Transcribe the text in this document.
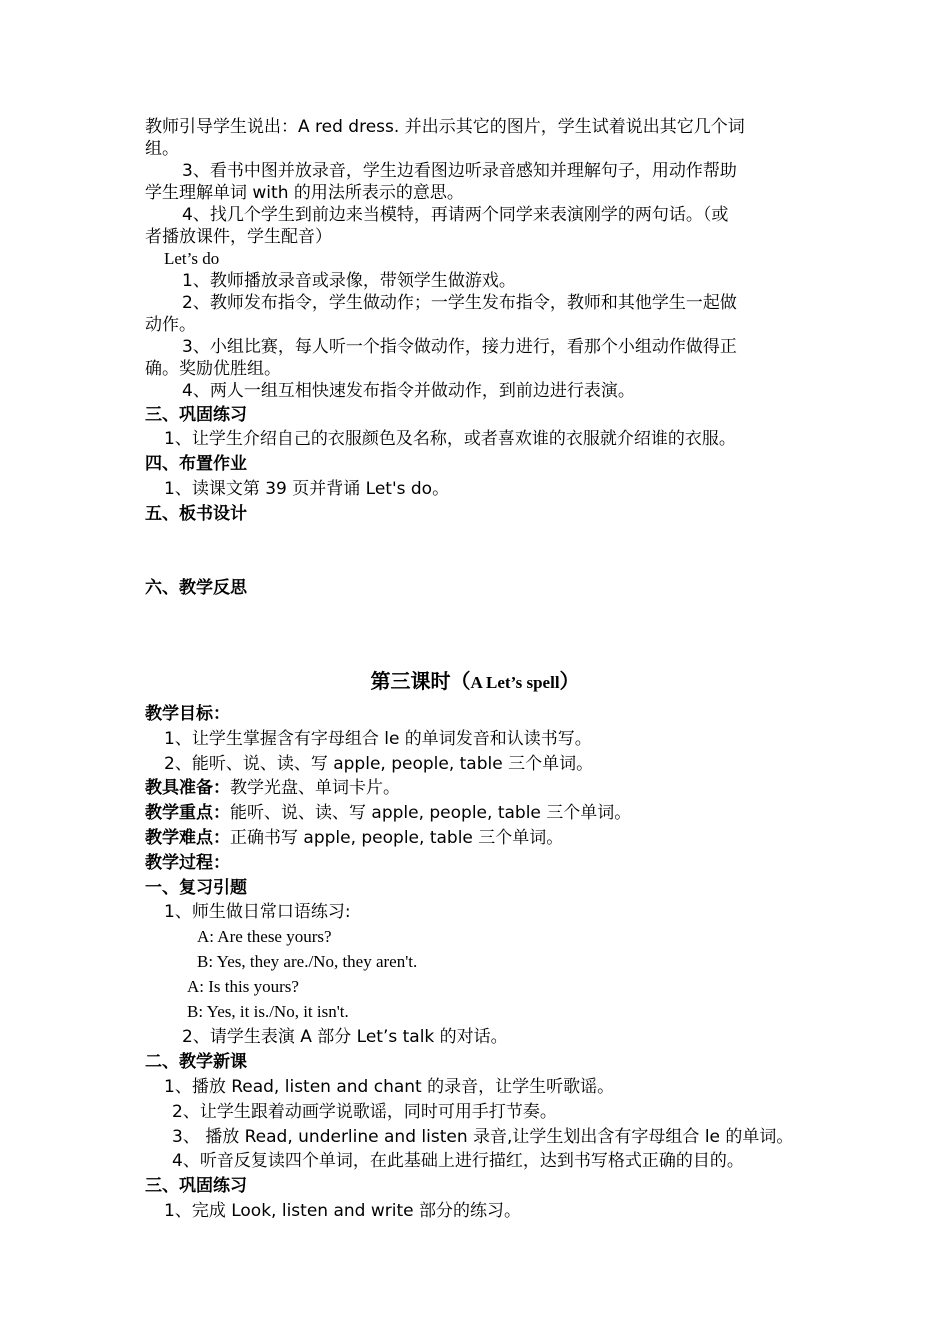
教师引导学生说出：A red dress. 并出示其它的图片，学生试着说出其它几个词
组。
3、看书中图并放录音，学生边看图边听录音感知并理解句子，用动作帮助
学生理解单词 with 的用法所表示的意思。
4、找几个学生到前边来当模特，再请两个同学来表演刚学的两句话。（或
者播放课件，学生配音）
Let’s do
1、教师播放录音或录像，带领学生做游戏。
2、教师发布指令，学生做动作；一学生发布指令，教师和其他学生一起做
动作。
3、小组比赛，每人听一个指令做动作，接力进行，看那个小组动作做得正
确。奖励优胜组。
4、两人一组互相快速发布指令并做动作，到前边进行表演。
三、巩固练习
1、让学生介绍自己的衣服颜色及名称，或者喜欢谁的衣服就介绍谁的衣服。
四、布置作业
1、读课文第 39 页并背诵 Let's do。
五、板书设计
六、教学反思
第三课时（A Let’s spell）
教学目标：
1、让学生掌握含有字母组合 le 的单词发音和认读书写。
2、能听、说、读、写 apple, people, table 三个单词。
教具准备：教学光盘、单词卡片。
教学重点：能听、说、读、写 apple, people, table 三个单词。
教学难点：正确书写 apple, people, table 三个单词。
教学过程：
一、复习引题
1、师生做日常口语练习:
A: Are these yours?
B: Yes, they are./No, they aren't.
A: Is this yours?
B: Yes, it is./No, it isn't.
2、请学生表演 A 部分 Let’s talk 的对话。
二、教学新课
1、播放 Read, listen and chant 的录音，让学生听歌谣。
2、让学生跟着动画学说歌谣，同时可用手打节奏。
3、 播放 Read, underline and listen 录音,让学生划出含有字母组合 le 的单词。
4、听音反复读四个单词，在此基础上进行描红，达到书写格式正确的目的。
三、巩固练习
1、完成 Look, listen and write 部分的练习。
